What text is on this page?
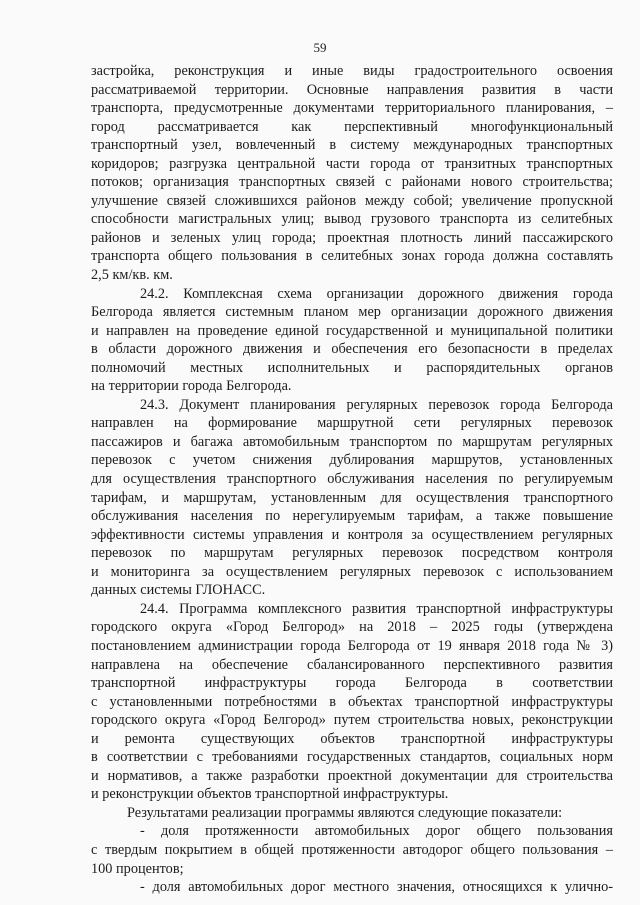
59
застройка, реконструкция и иные виды градостроительного освоения
рассматриваемой территории. Основные направления развития в части
транспорта, предусмотренные документами территориального планирования, –
город рассматривается как перспективный многофункциональный
транспортный узел, вовлеченный в систему международных транспортных
коридоров; разгрузка центральной части города от транзитных транспортных
потоков; организация транспортных связей с районами нового строительства;
улучшение связей сложившихся районов между собой; увеличение пропускной
способности магистральных улиц; вывод грузового транспорта из селитебных
районов и зеленых улиц города; проектная плотность линий пассажирского
транспорта общего пользования в селитебных зонах города должна составлять
2,5 км/кв. км.
24.2. Комплексная схема организации дорожного движения города
Белгорода является системным планом мер организации дорожного движения
и направлен на проведение единой государственной и муниципальной политики
в области дорожного движения и обеспечения его безопасности в пределах
полномочий местных исполнительных и распорядительных органов
на территории города Белгорода.
24.3. Документ планирования регулярных перевозок города Белгорода
направлен на формирование маршрутной сети регулярных перевозок
пассажиров и багажа автомобильным транспортом по маршрутам регулярных
перевозок с учетом снижения дублирования маршрутов, установленных
для осуществления транспортного обслуживания населения по регулируемым
тарифам, и маршрутам, установленным для осуществления транспортного
обслуживания населения по нерегулируемым тарифам, а также повышение
эффективности системы управления и контроля за осуществлением регулярных
перевозок по маршрутам регулярных перевозок посредством контроля
и мониторинга за осуществлением регулярных перевозок с использованием
данных системы ГЛОНАСС.
24.4. Программа комплексного развития транспортной инфраструктуры
городского округа «Город Белгород» на 2018 – 2025 годы (утверждена
постановлением администрации города Белгорода от 19 января 2018 года № 3)
направлена на обеспечение сбалансированного перспективного развития
транспортной инфраструктуры города Белгорода в соответствии
с установленными потребностями в объектах транспортной инфраструктуры
городского округа «Город Белгород» путем строительства новых, реконструкции
и ремонта существующих объектов транспортной инфраструктуры
в соответствии с требованиями государственных стандартов, социальных норм
и нормативов, а также разработки проектной документации для строительства
и реконструкции объектов транспортной инфраструктуры.
Результатами реализации программы являются следующие показатели:
- доля протяженности автомобильных дорог общего пользования
с твердым покрытием в общей протяженности автодорог общего пользования –
100 процентов;
- доля автомобильных дорог местного значения, относящихся к улично-
